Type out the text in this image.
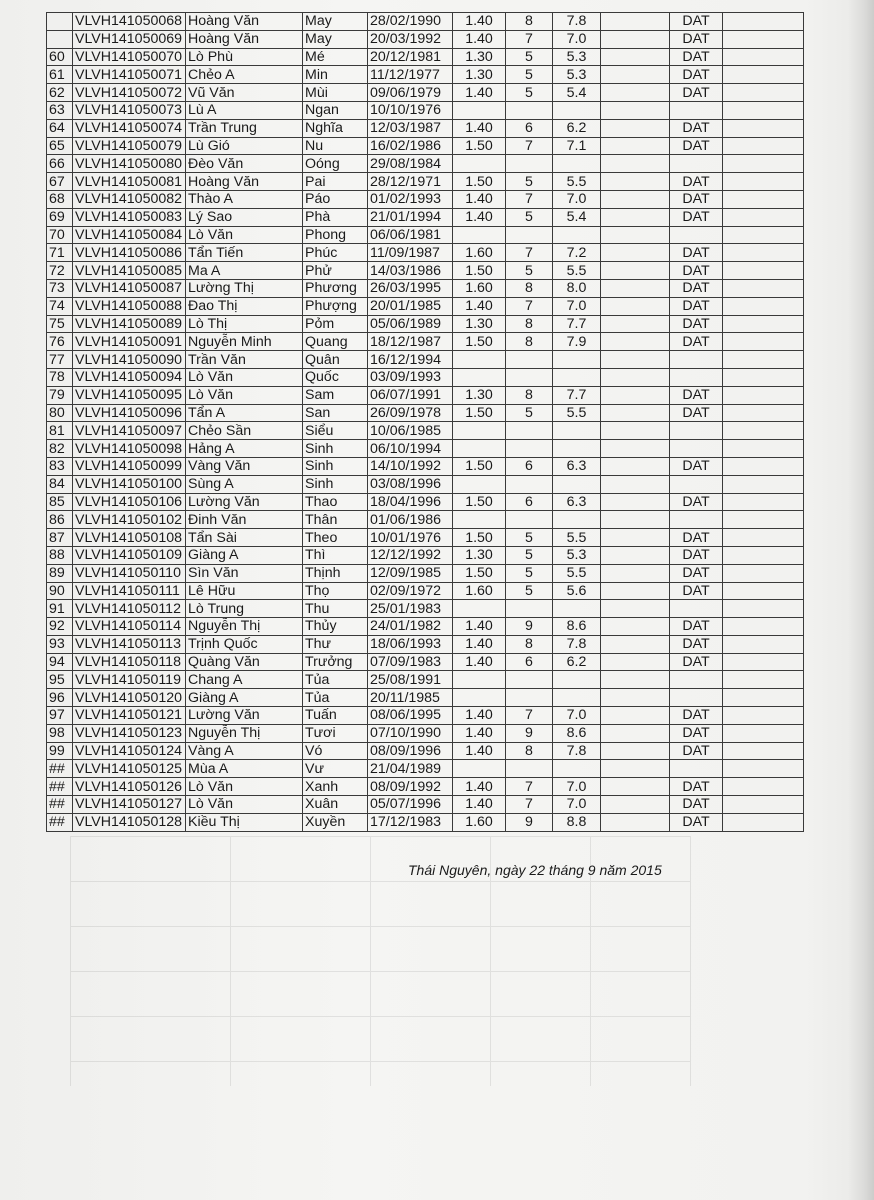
	VLVH141050068	Hoàng Văn	May	28/02/1990	1.40	8	7.8		DAT	
	VLVH141050069	Hoàng Văn	May	20/03/1992	1.40	7	7.0		DAT	
60	VLVH141050070	Lò Phù	Mé	20/12/1981	1.30	5	5.3		DAT	
61	VLVH141050071	Chẻo A	Min	11/12/1977	1.30	5	5.3		DAT	
62	VLVH141050072	Vũ Văn	Mùi	09/06/1979	1.40	5	5.4		DAT	
63	VLVH141050073	Lù A	Ngan	10/10/1976						
64	VLVH141050074	Trần Trung	Nghĩa	12/03/1987	1.40	6	6.2		DAT	
65	VLVH141050079	Lù Gió	Nu	16/02/1986	1.50	7	7.1		DAT	
66	VLVH141050080	Đèo Văn	Oóng	29/08/1984						
67	VLVH141050081	Hoàng Văn	Pai	28/12/1971	1.50	5	5.5		DAT	
68	VLVH141050082	Thào A	Páo	01/02/1993	1.40	7	7.0		DAT	
69	VLVH141050083	Lý Sao	Phà	21/01/1994	1.40	5	5.4		DAT	
70	VLVH141050084	Lò Văn	Phong	06/06/1981						
71	VLVH141050086	Tẩn Tiến	Phúc	11/09/1987	1.60	7	7.2		DAT	
72	VLVH141050085	Ma A	Phử	14/03/1986	1.50	5	5.5		DAT	
73	VLVH141050087	Lường Thị	Phương	26/03/1995	1.60	8	8.0		DAT	
74	VLVH141050088	Đao Thị	Phượng	20/01/1985	1.40	7	7.0		DAT	
75	VLVH141050089	Lò Thị	Pỏm	05/06/1989	1.30	8	7.7		DAT	
76	VLVH141050091	Nguyễn Minh	Quang	18/12/1987	1.50	8	7.9		DAT	
77	VLVH141050090	Trần Văn	Quân	16/12/1994						
78	VLVH141050094	Lò Văn	Quốc	03/09/1993						
79	VLVH141050095	Lò Văn	Sam	06/07/1991	1.30	8	7.7		DAT	
80	VLVH141050096	Tẩn A	San	26/09/1978	1.50	5	5.5		DAT	
81	VLVH141050097	Chẻo Sần	Siểu	10/06/1985						
82	VLVH141050098	Hảng A	Sinh	06/10/1994						
83	VLVH141050099	Vàng Văn	Sinh	14/10/1992	1.50	6	6.3		DAT	
84	VLVH141050100	Sùng A	Sinh	03/08/1996						
85	VLVH141050106	Lường Văn	Thao	18/04/1996	1.50	6	6.3		DAT	
86	VLVH141050102	Đinh Văn	Thân	01/06/1986						
87	VLVH141050108	Tẩn Sài	Theo	10/01/1976	1.50	5	5.5		DAT	
88	VLVH141050109	Giàng A	Thì	12/12/1992	1.30	5	5.3		DAT	
89	VLVH141050110	Sìn Văn	Thịnh	12/09/1985	1.50	5	5.5		DAT	
90	VLVH141050111	Lê Hữu	Thọ	02/09/1972	1.60	5	5.6		DAT	
91	VLVH141050112	Lò Trung	Thu	25/01/1983						
92	VLVH141050114	Nguyễn Thị	Thủy	24/01/1982	1.40	9	8.6		DAT	
93	VLVH141050113	Trịnh Quốc	Thư	18/06/1993	1.40	8	7.8		DAT	
94	VLVH141050118	Quàng Văn	Trưởng	07/09/1983	1.40	6	6.2		DAT	
95	VLVH141050119	Chang A	Tủa	25/08/1991						
96	VLVH141050120	Giàng A	Tủa	20/11/1985						
97	VLVH141050121	Lường Văn	Tuấn	08/06/1995	1.40	7	7.0		DAT	
98	VLVH141050123	Nguyễn Thị	Tươi	07/10/1990	1.40	9	8.6		DAT	
99	VLVH141050124	Vàng A	Vó	08/09/1996	1.40	8	7.8		DAT	
##	VLVH141050125	Mùa A	Vư	21/04/1989						
##	VLVH141050126	Lò Văn	Xanh	08/09/1992	1.40	7	7.0		DAT	
##	VLVH141050127	Lò Văn	Xuân	05/07/1996	1.40	7	7.0		DAT	
##	VLVH141050128	Kiều Thị	Xuyền	17/12/1983	1.60	9	8.8		DAT	
Thái Nguyên, ngày 22 tháng 9 năm 2015
